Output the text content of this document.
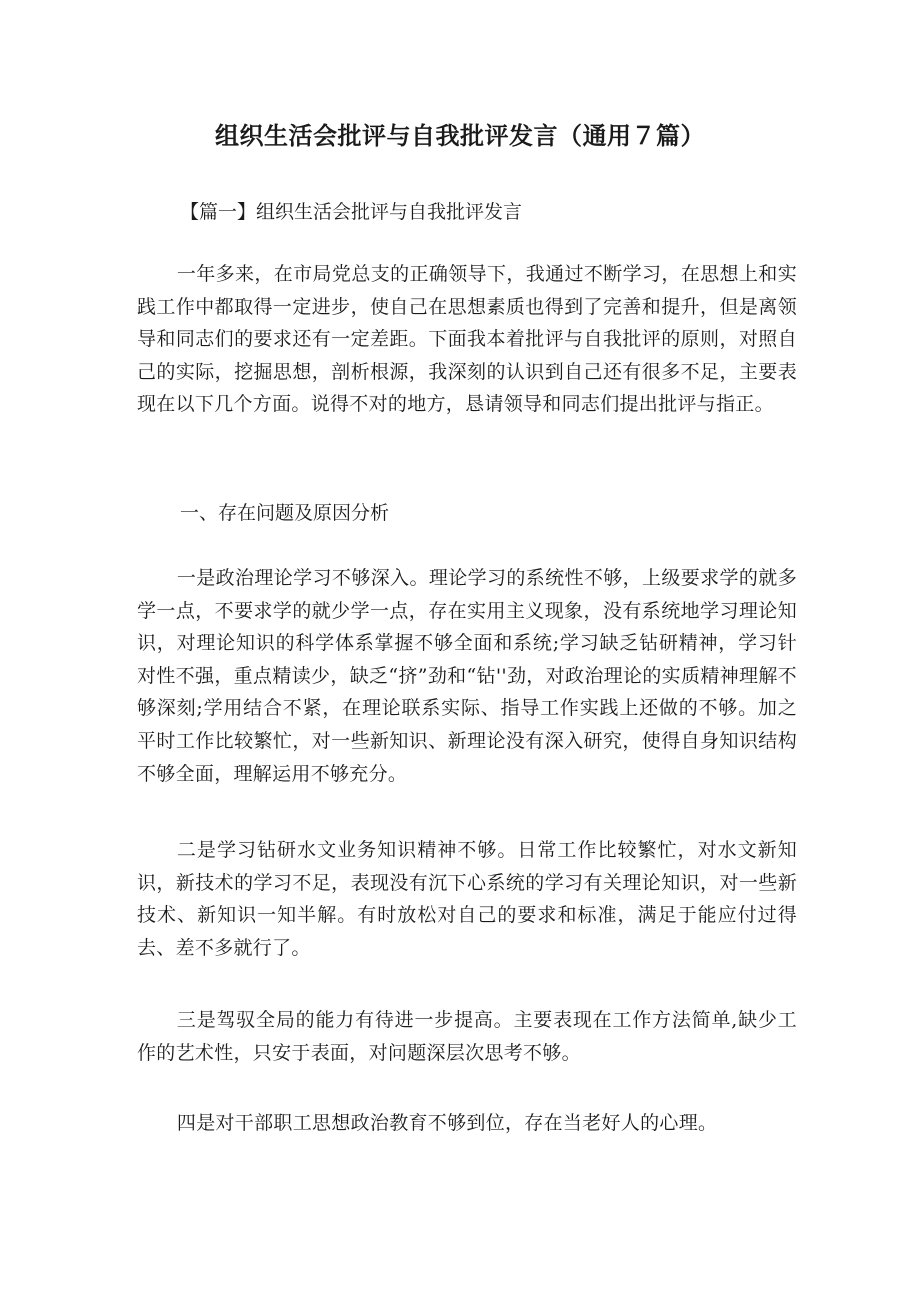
组织生活会批评与自我批评发言（通用７篇）

【篇一】组织生活会批评与自我批评发言

一年多来，在市局党总支的正确领导下，我通过不断学习，在思想上和实践工作中都取得一定进步，使自己在思想素质也得到了完善和提升，但是离领导和同志们的要求还有一定差距。下面我本着批评与自我批评的原则，对照自己的实际，挖掘思想，剖析根源，我深刻的认识到自己还有很多不足，主要表现在以下几个方面。说得不对的地方，恳请领导和同志们提出批评与指正。

一、存在问题及原因分析

一是政治理论学习不够深入。理论学习的系统性不够，上级要求学的就多学一点，不要求学的就少学一点，存在实用主义现象，没有系统地学习理论知识，对理论知识的科学体系掌握不够全面和系统;学习缺乏钻研精神，学习针对性不强，重点精读少，缺乏“挤”劲和“钻''劲，对政治理论的实质精神理解不够深刻;学用结合不紧，在理论联系实际、指导工作实践上还做的不够。加之平时工作比较繁忙，对一些新知识、新理论没有深入研究，使得自身知识结构不够全面，理解运用不够充分。

二是学习钻研水文业务知识精神不够。日常工作比较繁忙，对水文新知识，新技术的学习不足，表现没有沉下心系统的学习有关理论知识，对一些新技术、新知识一知半解。有时放松对自己的要求和标准，满足于能应付过得去、差不多就行了。

三是驾驭全局的能力有待进一步提高。主要表现在工作方法简单,缺少工作的艺术性，只安于表面，对问题深层次思考不够。

四是对干部职工思想政治教育不够到位，存在当老好人的心理。
